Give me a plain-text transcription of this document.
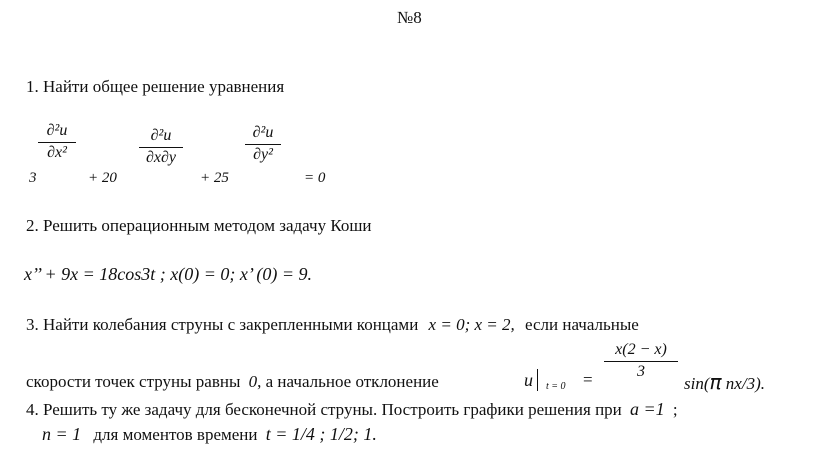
№8
1. Найти общее решение уравнения
3
∂²u
∂x²
+ 20
∂²u
∂x∂y
+ 25
∂²u
∂y²
= 0
2. Решить операционным методом задачу Коши
x’’ + 9x = 18cos3t ; x(0) = 0; x’ (0) = 9.
3. Найти колебания струны с закрепленными концами x = 0; x = 2, если начальные
скорости точек струны равны 0, а начальное отклонение	u t = 0 =
x(2 − x)
3
sin(π nx/3).
4. Решить ту же задачу для бесконечной струны. Построить графики решения при a =1 ;
n = 1 для моментов времени t = 1/4 ; 1/2; 1.
